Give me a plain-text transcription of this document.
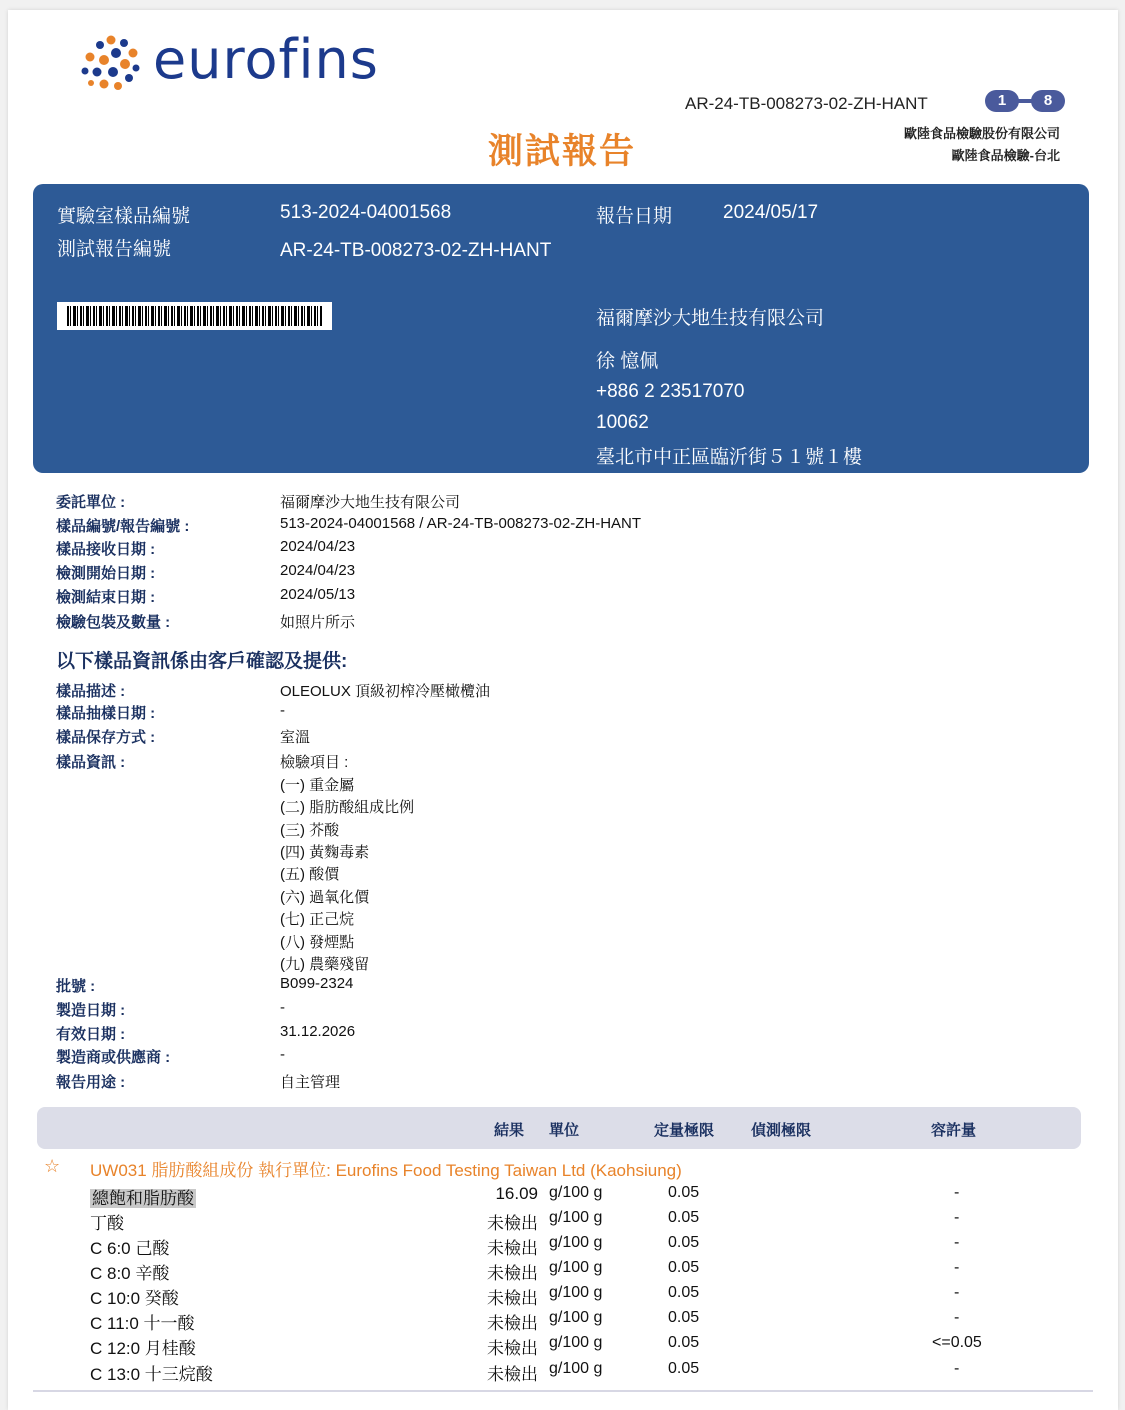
eurofins
AR-24-TB-008273-02-ZH-HANT	1	8
測試報告	歐陸食品檢驗股份有限公司
歐陸食品檢驗-台北
實驗室樣品編號	513-2024-04001568	報告日期	2024/05/17
測試報告編號	AR-24-TB-008273-02-ZH-HANT
福爾摩沙大地生技有限公司
徐 憶佩
+886 2 23517070
10062
臺北市中正區臨沂街５１號１樓
委託單位 :	福爾摩沙大地生技有限公司
樣品編號/報告編號 :	513-2024-04001568 / AR-24-TB-008273-02-ZH-HANT
樣品接收日期 :	2024/04/23
檢測開始日期 :	2024/04/23
檢測結束日期 :	2024/05/13
檢驗包裝及數量 :	如照片所示
以下樣品資訊係由客戶確認及提供:
樣品描述 :	OLEOLUX 頂級初榨冷壓橄欖油
樣品抽樣日期 :	-
樣品保存方式 :	室溫
樣品資訊 :	檢驗項目 :
(一) 重金屬
(二) 脂肪酸組成比例
(三) 芥酸
(四) 黃麴毒素
(五) 酸價
(六) 過氧化價
(七) 正己烷
(八) 發煙點
(九) 農藥殘留
批號 :	B099-2324
製造日期 :	-
有效日期 :	31.12.2026
製造商或供應商 :	-
報告用途 :	自主管理
結果 單位	定量極限 偵測極限	容許量
☆ UW031 脂肪酸組成份 執行單位: Eurofins Food Testing Taiwan Ltd (Kaohsiung)
總飽和脂肪酸	16.09 g/100 g	0.05	-
丁酸	未檢出 g/100 g	0.05	-
C 6:0 己酸	未檢出 g/100 g	0.05	-
C 8:0 辛酸	未檢出 g/100 g	0.05	-
C 10:0 癸酸	未檢出 g/100 g	0.05	-
C 11:0 十一酸	未檢出 g/100 g	0.05	-
C 12:0 月桂酸	未檢出 g/100 g	0.05	<=0.05
C 13:0 十三烷酸	未檢出 g/100 g	0.05	-
